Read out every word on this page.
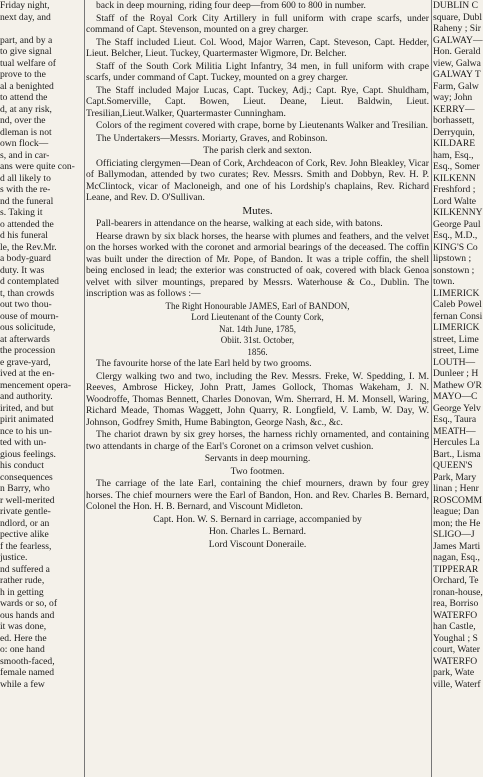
Friday night,
next day, and

part, and by a
to give signal
tual welfare of
prove to the
al a benighted
to attend the
d, at any risk,
nd, over the
dleman is not
own flock—
s, and in car-
ans were quite con-
d all likely to
s with the re-
nd the funeral
s. Taking it
o attended the
d his funeral
le, the Rev.Mr.
a body-guard
duty. It was
d contemplated
t, than crowds
out two thou-
ouse of mourn-
ous solicitude,
at afterwards
the procession
e grave-yard,
ived at the en-
mencement opera-
and authority.
irited, and but
pirit animated
nce to his un-
ted with un-
gious feelings.
his conduct
consequences
n Barry, who
r well-merited
rivate gentle-
ndlord, or an
pective alike
f the fearless,
justice.
nd suffered a
rather rude,
h in getting
wards or so, of
ous hands and
it was done,
ed. Here the
o: one hand
smooth-faced,
female named
while a few

back in deep mourning, riding four deep—from 600 to 800 in number.

Staff of the Royal Cork City Artillery in full uniform with crape scarfs, under command of Capt. Stevenson, mounted on a grey charger.

The Staff included Lieut. Col. Wood, Major Warren, Capt. Steveson, Capt. Hedder, Lieut. Belcher, Lieut. Tuckey, Quartermaster Wigmore, Dr. Belcher.

Staff of the South Cork Militia Light Infantry, 34 men, in full uniform with crape scarfs, under command of Capt. Tuckey, mounted on a grey charger.

The Staff included Major Lucas, Capt. Tuckey, Adj.; Capt. Rye, Capt. Shuldham, Capt.Somerville, Capt. Bowen, Lieut. Deane, Lieut. Baldwin, Lieut. Tresilian,Lieut.Walker, Quartermaster Cunningham.

Colors of the regiment covered with crape, borne by Lieutenants Walker and Tresilian.

The Undertakers—Messrs. Moriarty, Graves, and Robinson.

The parish clerk and sexton.

Officiating clergymen—Dean of Cork, Archdeacon of Cork, Rev. John Bleakley, Vicar of Ballymodan, attended by two curates; Rev. Messrs. Smith and Dobbyn, Rev. H. P. McClintock, vicar of Macloneigh, and one of his Lordship's chaplains, Rev. Richard Leane, and Rev. D. O'Sullivan.

Mutes.

Pall-bearers in attendance on the hearse, walking at each side, with batons.

Hearse drawn by six black horses, the hearse with plumes and feathers, and the velvet on the horses worked with the coronet and armorial bearings of the deceased. The coffin was built under the direction of Mr. Pope, of Bandon. It was a triple coffin, the shell being enclosed in lead; the exterior was constructed of oak, covered with black Genoa velvet with silver mountings, prepared by Messrs. Waterhouse & Co., Dublin. The inscription was as follows :—

The Right Honourable JAMES, Earl of BANDON,

Lord Lieutenant of the County Cork,

Nat. 14th June, 1785,

Obiit. 31st. October,

1856.

The favourite horse of the late Earl held by two grooms.

Clergy walking two and two, including the Rev. Messrs. Freke, W. Spedding, I. M. Reeves, Ambrose Hickey, John Pratt, James Gollock, Thomas Wakeham, J. N. Woodroffe, Thomas Bennett, Charles Donovan, Wm. Sherrard, H. M. Monsell, Waring, Richard Meade, Thomas Waggett, John Quarry, R. Longfield, V. Lamb, W. Day, W. Johnson, Godfrey Smith, Hume Babington, George Nash, &c., &c.

The chariot drawn by six grey horses, the harness richly ornamented, and containing two attendants in charge of the Earl's Coronet on a crimson velvet cushion.

Servants in deep mourning.

Two footmen.

The carriage of the late Earl, containing the chief mourners, drawn by four grey horses. The chief mourners were the Earl of Bandon, Hon. and Rev. Charles B. Bernard, Colonel the Hon. H. B. Bernard, and Viscount Midleton.

Capt. Hon. W. S. Bernard in carriage, accompanied by

Hon. Charles L. Bernard.

Lord Viscount Doneraile.

DUBLIN C
square, Dubl
Raheny ; Sir
GALWAY—
Hon. Gerald
view, Galwa
GALWAY T
Farm, Galw
way; John
KERRY—
borhassett,
Derryquin,
KILDARE
ham, Esq.,
Esq., Somer
KILKENN
Freshford ;
Lord Walte
KILKENNY
George Paul
Esq., M.D.,
KING'S Co
lipstown ;
sonstown ;
town.
LIMERICK
Caleb Powel
fernan Consi
LIMERICK
street, Lime
street, Lime
LOUTH—
Dunleer ; H
Mathew O'R
MAYO—C
George Yelv
Esq., Taura
MEATH—
Hercules La
Bart., Lisma
QUEEN'S
Park, Mary
linan ; Henr
ROSCOMM
league; Dan
mon; the He
SLIGO—J
James Marti
nagan, Esq.,
TIPPERAR
Orchard, Te
ronan-house,
rea, Borriso
WATERFO
han Castle,
Youghal ; S
court, Water
WATERFO
park, Wate
ville, Waterf
